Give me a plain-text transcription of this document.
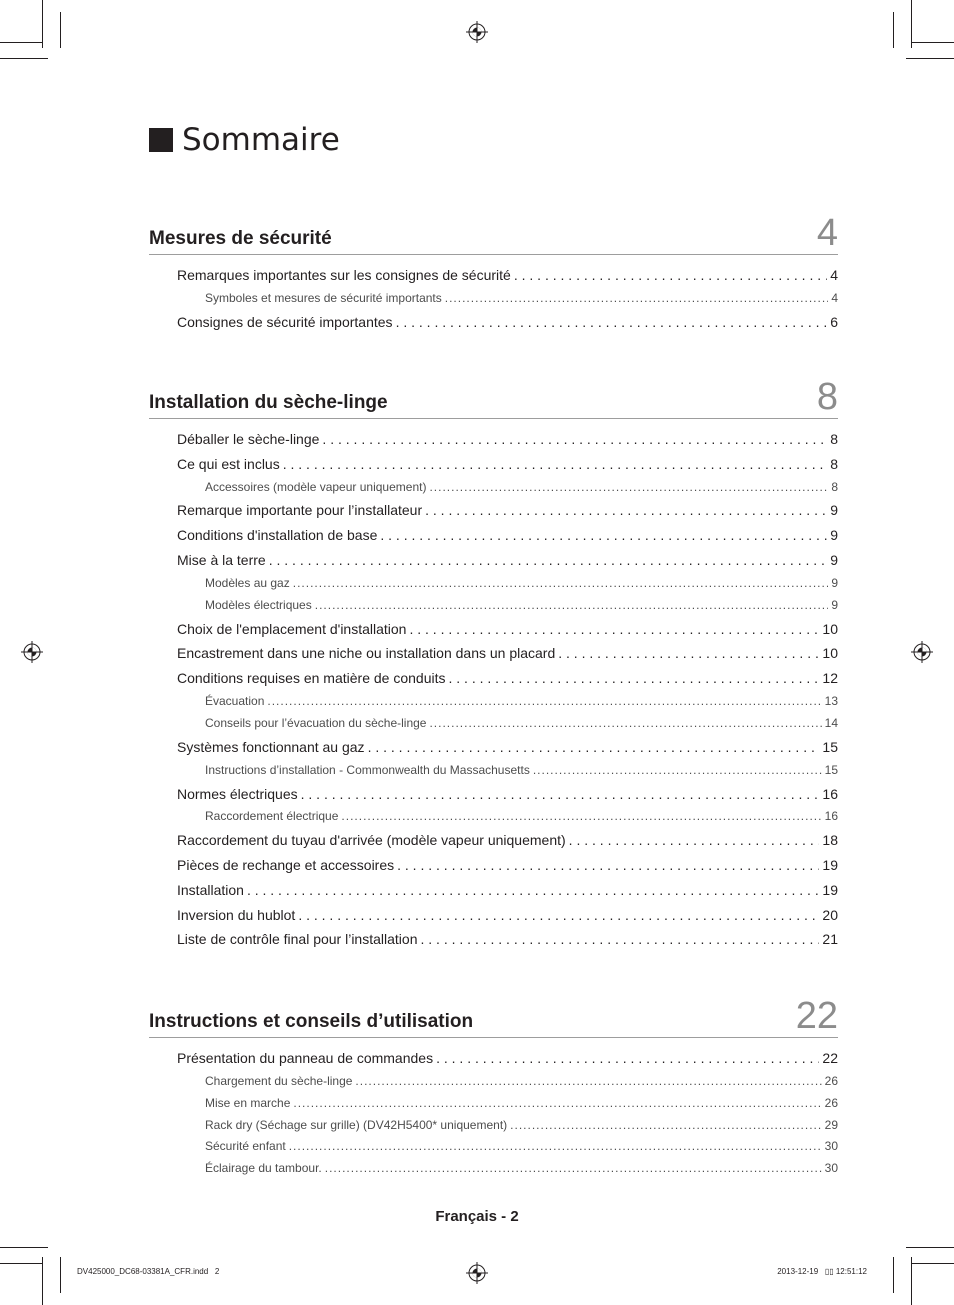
Sommaire
Mesures de sécurité	4
Remarques importantes sur les consignes de sécurité . . .	4
Symboles et mesures de sécurité importants .....	4
Consignes de sécurité importantes . . .	6
Installation du sèche-linge	8
Déballer le sèche-linge . . .	8
Ce qui est inclus . . .	8
Accessoires (modèle vapeur uniquement) .....	8
Remarque importante pour l’installateur . . .	9
Conditions d'installation de base . . .	9
Mise à la terre . . .	9
Modèles au gaz .....	9
Modèles électriques .....	9
Choix de l'emplacement d'installation . . .	10
Encastrement dans une niche ou installation dans un placard . . .	10
Conditions requises en matière de conduits . . .	12
Évacuation .....	13
Conseils pour l’évacuation du sèche-linge .....	14
Systèmes fonctionnant au gaz . . .	15
Instructions d’installation - Commonwealth du Massachusetts .....	15
Normes électriques . . .	16
Raccordement électrique .....	16
Raccordement du tuyau d'arrivée (modèle vapeur uniquement) . . .	18
Pièces de rechange et accessoires . . .	19
Installation . . .	19
Inversion du hublot . . .	20
Liste de contrôle final pour l’installation . . .	21
Instructions et conseils d’utilisation	22
Présentation du panneau de commandes . . .	22
Chargement du sèche-linge .....	26
Mise en marche .....	26
Rack dry (Séchage sur grille) (DV42H5400* uniquement) .....	29
Sécurité enfant .....	30
Éclairage du tambour. .....	30
Français - 2
DV425000_DC68-03381A_CFR.indd   2	2013-12-19   ▯▯ 12:51:12
